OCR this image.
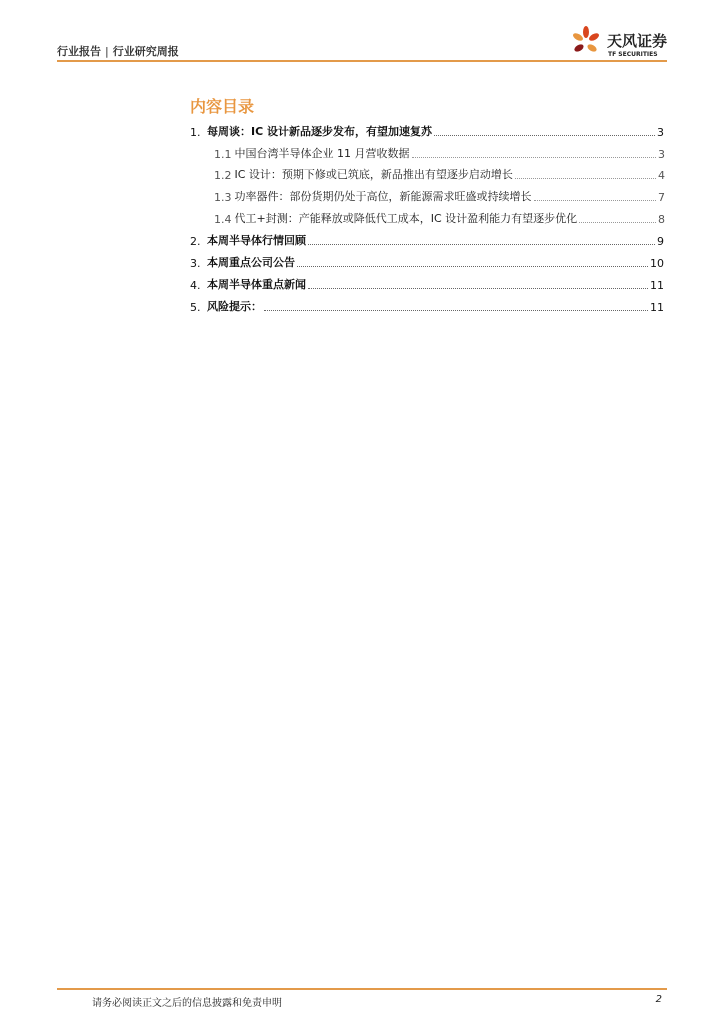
行业报告 | 行业研究周报
天风证券
TF SECURITIES
内容目录
1. 每周谈：IC 设计新品逐步发布，有望加速复苏	3
1.1 中国台湾半导体企业 11 月营收数据	3
1.2 IC 设计：预期下修或已筑底，新品推出有望逐步启动增长	4
1.3 功率器件：部份货期仍处于高位，新能源需求旺盛或持续增长	7
1.4 代工+封测：产能释放或降低代工成本，IC 设计盈利能力有望逐步优化	8
2. 本周半导体行情回顾	9
3. 本周重点公司公告	10
4. 本周半导体重点新闻	11
5. 风险提示：	11
请务必阅读正文之后的信息披露和免责申明	2
